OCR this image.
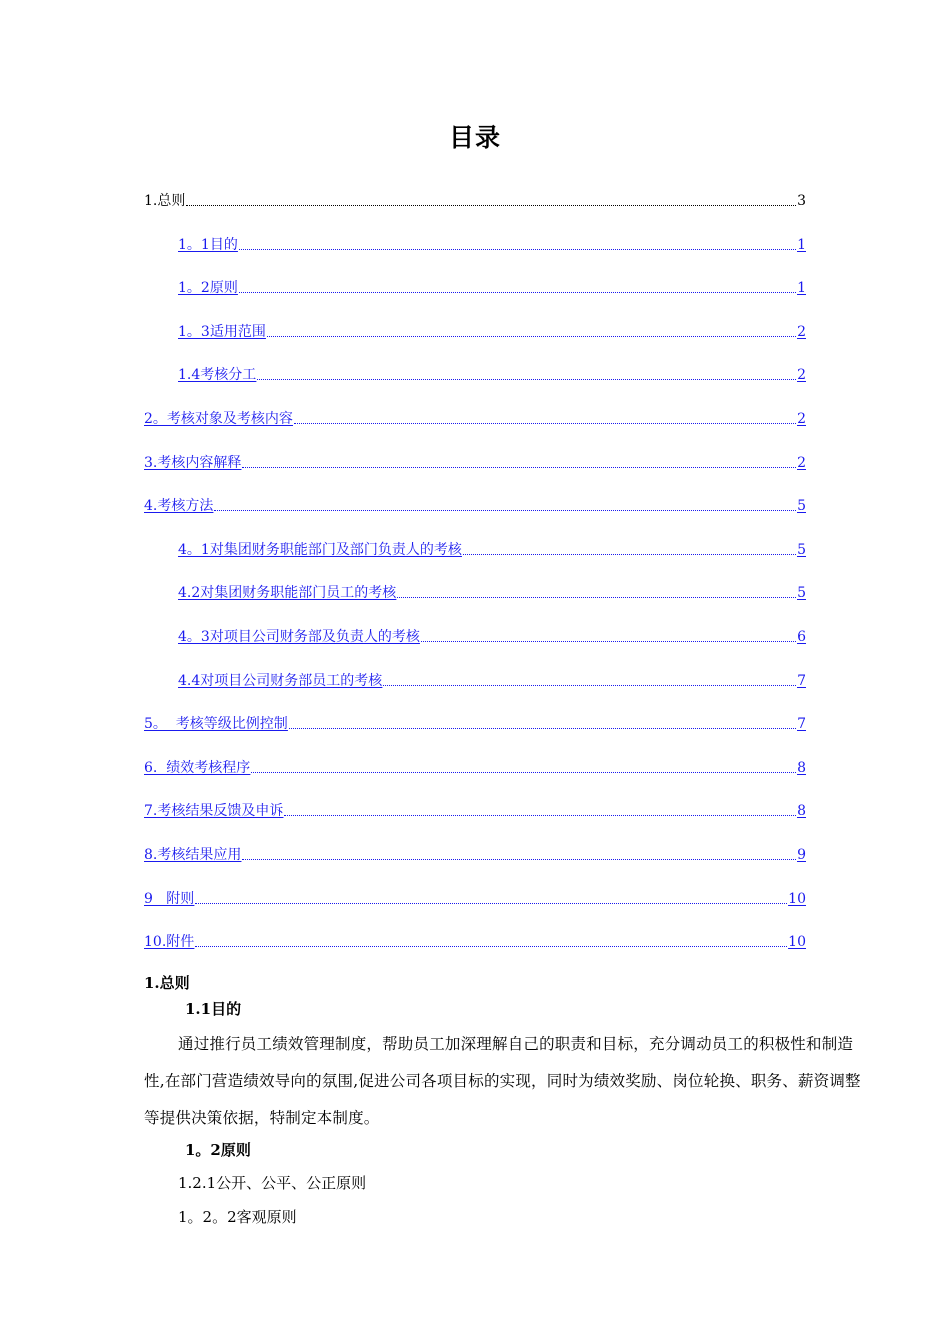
目录
1.总则	3
1。1目的	1
1。2原则	1
1。3适用范围	2
1.4考核分工	2
2。考核对象及考核内容	2
3.考核内容解释	2
4.考核方法	5
4。1对集团财务职能部门及部门负责人的考核	5
4.2对集团财务职能部门员工的考核	5
4。3对项目公司财务部及负责人的考核	6
4.4对项目公司财务部员工的考核	7
5。  考核等级比例控制	7
6.  绩效考核程序	8
7.考核结果反馈及申诉	8
8.考核结果应用	9
9   附则	10
10.附件	10
1.总则
1.1目的
通过推行员工绩效管理制度，帮助员工加深理解自己的职责和目标，充分调动员工的积极性和制造性,在部门营造绩效导向的氛围,促进公司各项目标的实现，同时为绩效奖励、岗位轮换、职务、薪资调整等提供决策依据，特制定本制度。
1。2原则
1.2.1公开、公平、公正原则
1。2。2客观原则
